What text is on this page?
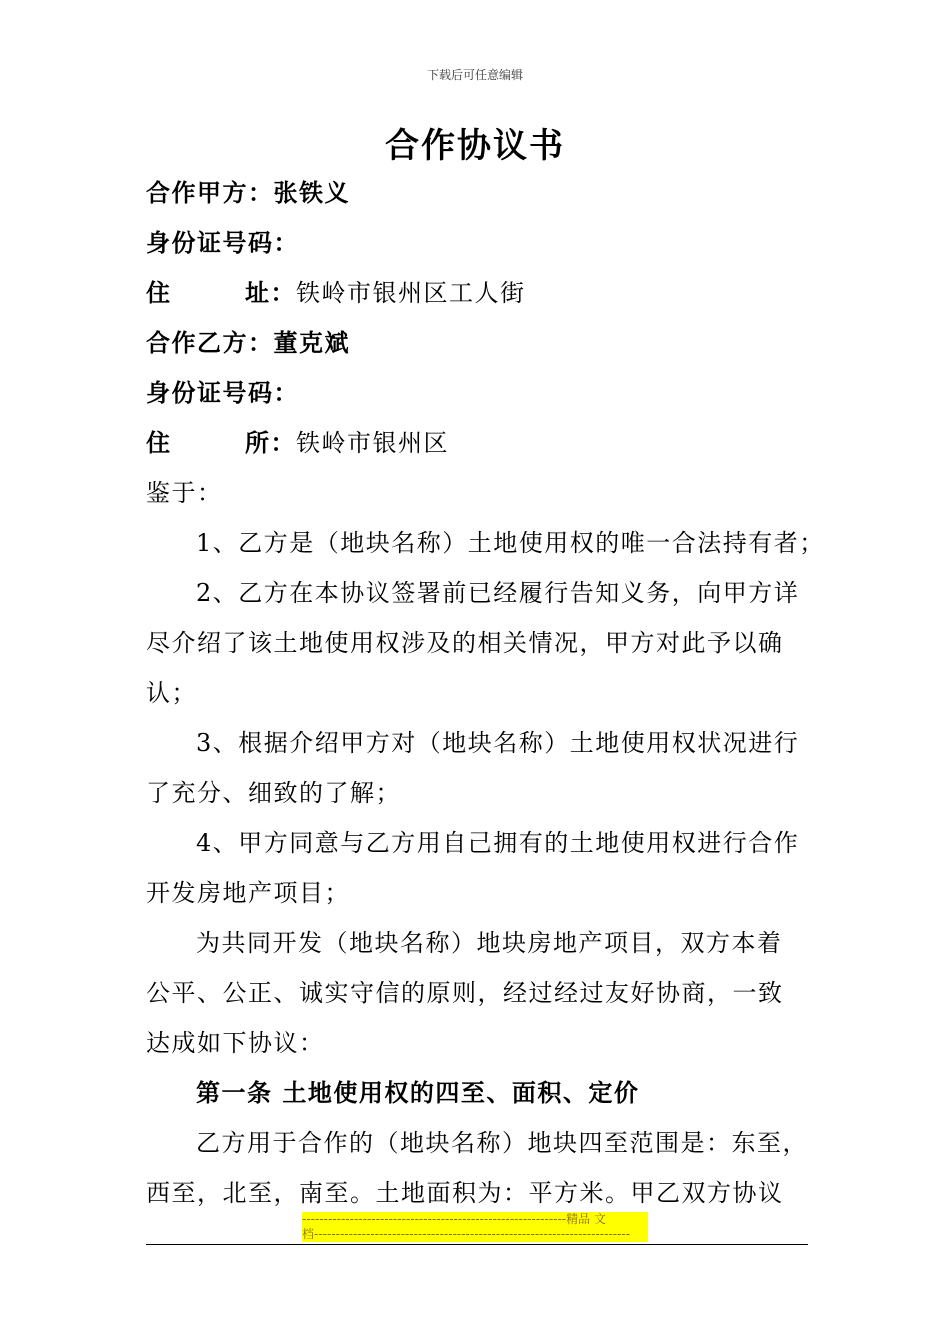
下载后可任意编辑
合作协议书
合作甲方：张铁义
身份证号码：
住	址： 铁岭市银州区工人街
合作乙方：董克斌
身份证号码：
住	所： 铁岭市银州区
鉴于：
1、乙方是（地块名称）土地使用权的唯一合法持有者；
2、乙方在本协议签署前已经履行告知义务，向甲方详
尽介绍了该土地使用权涉及的相关情况，甲方对此予以确
认；
3、根据介绍甲方对（地块名称）土地使用权状况进行
了充分、细致的了解；
4、甲方同意与乙方用自己拥有的土地使用权进行合作
开发房地产项目；
为共同开发（地块名称）地块房地产项目，双方本着
公平、公正、诚实守信的原则，经过经过友好协商，一致
达成如下协议：
第一条 土地使用权的四至、面积、定价
乙方用于合作的（地块名称）地块四至范围是：东至，
西至，北至，南至。土地面积为：平方米。甲乙双方协议
-------------------------------------------------------------精品 文
档-------------------------------------------------------------------------
